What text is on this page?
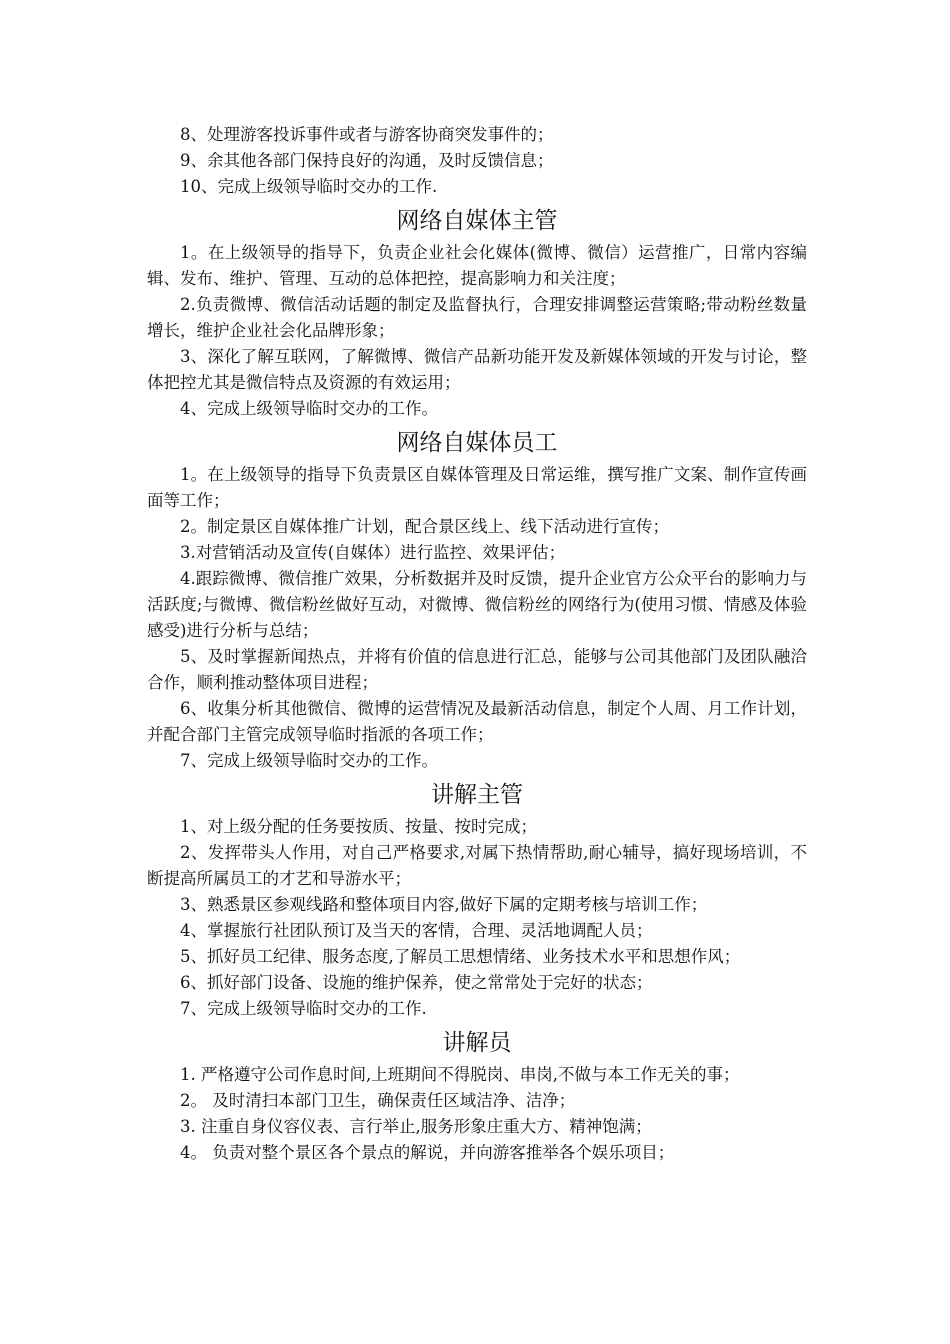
8、处理游客投诉事件或者与游客协商突发事件的；

9、余其他各部门保持良好的沟通，及时反馈信息；

10、完成上级领导临时交办的工作.

网络自媒体主管

1。在上级领导的指导下，负责企业社会化媒体(微博、微信）运营推广，日常内容编辑、发布、维护、管理、互动的总体把控，提高影响力和关注度；

2.负责微博、微信活动话题的制定及监督执行，合理安排调整运营策略;带动粉丝数量增长，维护企业社会化品牌形象；

3、深化了解互联网，了解微博、微信产品新功能开发及新媒体领域的开发与讨论，整体把控尤其是微信特点及资源的有效运用；

4、完成上级领导临时交办的工作。

网络自媒体员工

1。在上级领导的指导下负责景区自媒体管理及日常运维，撰写推广文案、制作宣传画面等工作；

2。制定景区自媒体推广计划，配合景区线上、线下活动进行宣传；

3.对营销活动及宣传(自媒体）进行监控、效果评估；

4.跟踪微博、微信推广效果，分析数据并及时反馈，提升企业官方公众平台的影响力与活跃度;与微博、微信粉丝做好互动，对微博、微信粉丝的网络行为(使用习惯、情感及体验感受)进行分析与总结；

5、及时掌握新闻热点，并将有价值的信息进行汇总，能够与公司其他部门及团队融洽合作，顺利推动整体项目进程；

6、收集分析其他微信、微博的运营情况及最新活动信息，制定个人周、月工作计划，并配合部门主管完成领导临时指派的各项工作；

7、完成上级领导临时交办的工作。

讲解主管

1、对上级分配的任务要按质、按量、按时完成；

2、发挥带头人作用，对自己严格要求,对属下热情帮助,耐心辅导，搞好现场培训，不断提高所属员工的才艺和导游水平；

3、熟悉景区参观线路和整体项目内容,做好下属的定期考核与培训工作；

4、掌握旅行社团队预订及当天的客情，合理、灵活地调配人员；

5、抓好员工纪律、服务态度,了解员工思想情绪、业务技术水平和思想作风；

6、抓好部门设备、设施的维护保养，使之常常处于完好的状态；

7、完成上级领导临时交办的工作.

讲解员

1. 严格遵守公司作息时间,上班期间不得脱岗、串岗,不做与本工作无关的事；

2。 及时清扫本部门卫生，确保责任区域洁净、洁净；

3. 注重自身仪容仪表、言行举止,服务形象庄重大方、精神饱满；

4。 负责对整个景区各个景点的解说，并向游客推举各个娱乐项目；
